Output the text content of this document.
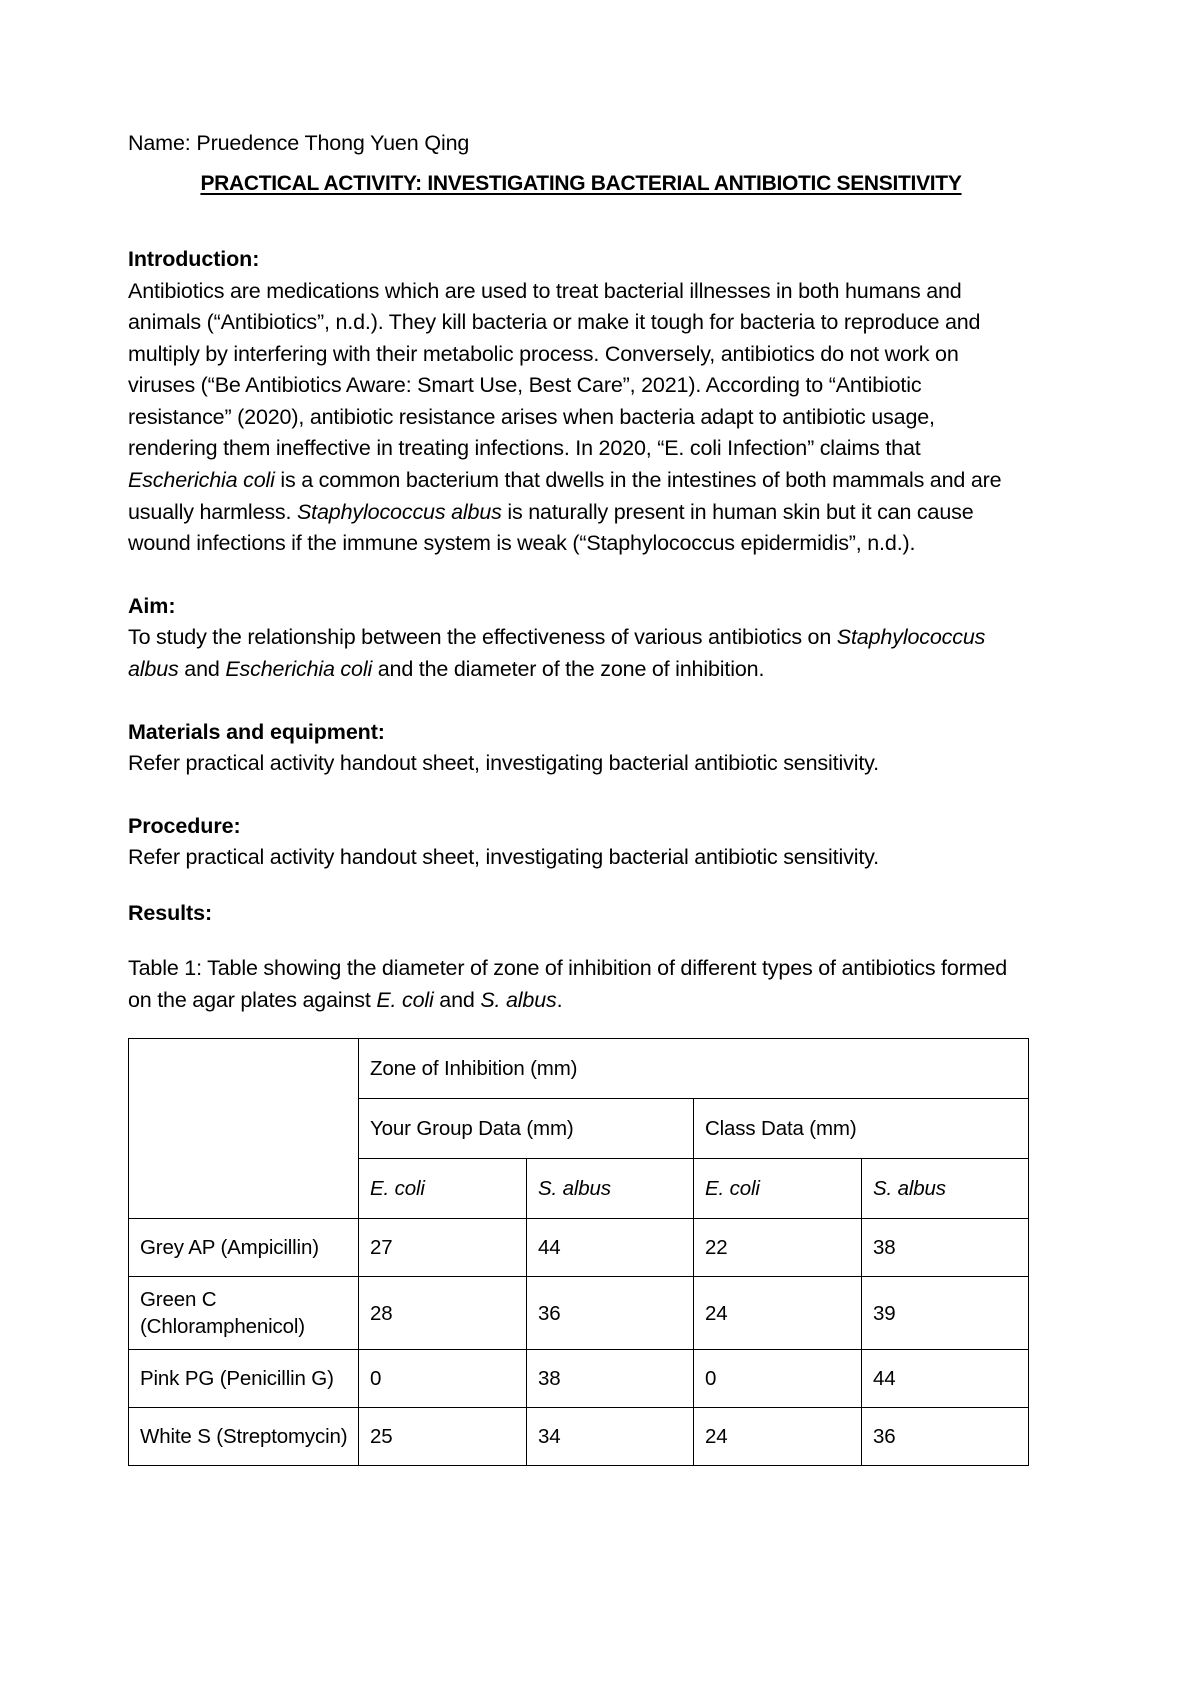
Name: Pruedence Thong Yuen Qing
PRACTICAL ACTIVITY: INVESTIGATING BACTERIAL ANTIBIOTIC SENSITIVITY
Introduction:
Antibiotics are medications which are used to treat bacterial illnesses in both humans and animals (“Antibiotics”, n.d.). They kill bacteria or make it tough for bacteria to reproduce and multiply by interfering with their metabolic process. Conversely, antibiotics do not work on viruses (“Be Antibiotics Aware: Smart Use, Best Care”, 2021). According to “Antibiotic resistance” (2020), antibiotic resistance arises when bacteria adapt to antibiotic usage, rendering them ineffective in treating infections. In 2020, “E. coli Infection” claims that Escherichia coli is a common bacterium that dwells in the intestines of both mammals and are usually harmless. Staphylococcus albus is naturally present in human skin but it can cause wound infections if the immune system is weak (“Staphylococcus epidermidis”, n.d.).
Aim:
To study the relationship between the effectiveness of various antibiotics on Staphylococcus albus and Escherichia coli and the diameter of the zone of inhibition.
Materials and equipment:
Refer practical activity handout sheet, investigating bacterial antibiotic sensitivity.
Procedure:
Refer practical activity handout sheet, investigating bacterial antibiotic sensitivity.
Results:
Table 1: Table showing the diameter of zone of inhibition of different types of antibiotics formed on the agar plates against E. coli and S. albus.
	Zone of Inhibition (mm)			
	Your Group Data (mm)		Class Data (mm)	
	E. coli	S. albus	E. coli	S. albus
Grey AP (Ampicillin)	27	44	22	38
Green C
(Chloramphenicol)	28	36	24	39
Pink PG (Penicillin G)	0	38	0	44
White S (Streptomycin)	25	34	24	36
